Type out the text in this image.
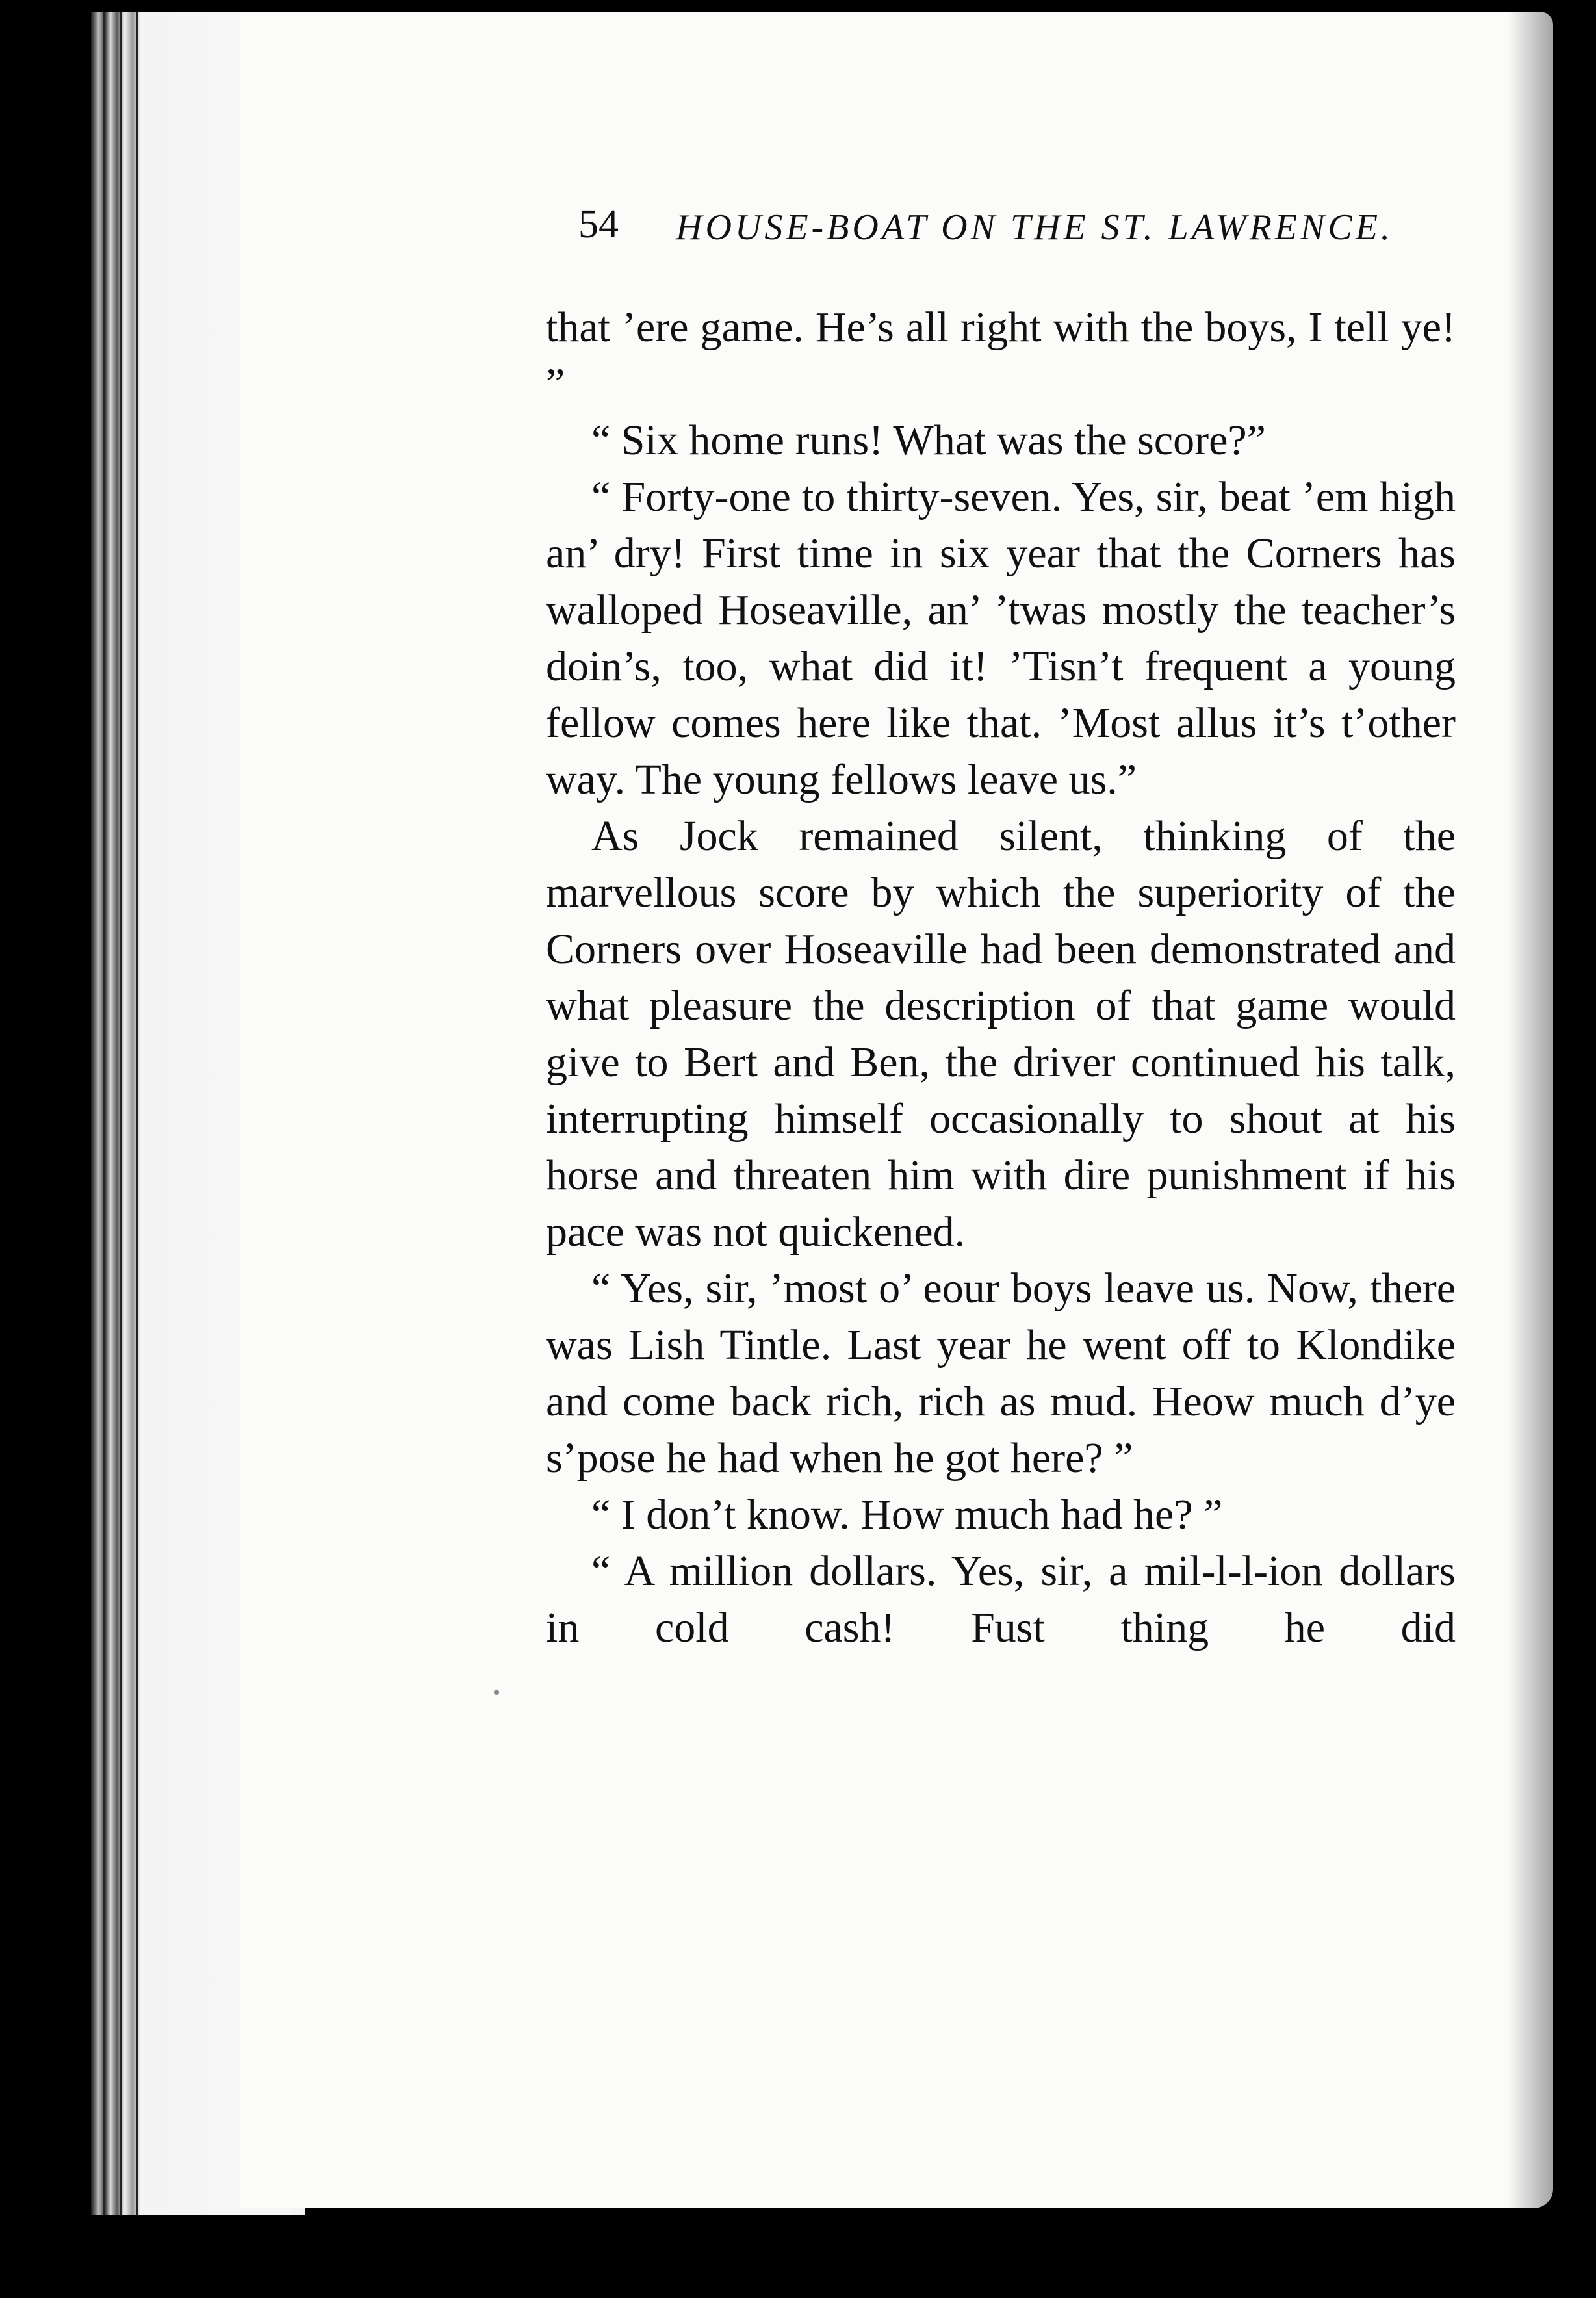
54 HOUSE-BOAT ON THE ST. LAWRENCE.

that ’ere game. He’s all right with the boys, I tell ye! ”

“ Six home runs! What was the score?”

“ Forty-one to thirty-seven. Yes, sir, beat ’em high an’ dry! First time in six year that the Corners has walloped Hoseaville, an’ ’twas mostly the teacher’s doin’s, too, what did it! ’Tisn’t frequent a young fellow comes here like that. ’Most allus it’s t’other way. The young fellows leave us.”

As Jock remained silent, thinking of the marvellous score by which the superiority of the Corners over Hoseaville had been demonstrated and what pleasure the description of that game would give to Bert and Ben, the driver continued his talk, interrupting himself occasionally to shout at his horse and threaten him with dire punishment if his pace was not quickened.

“ Yes, sir, ’most o’ eour boys leave us. Now, there was Lish Tintle. Last year he went off to Klondike and come back rich, rich as mud. Heow much d’ye s’pose he had when he got here? ”

“ I don’t know. How much had he? ”

“ A million dollars. Yes, sir, a mil-l-l-ion dollars in cold cash! Fust thing he did
